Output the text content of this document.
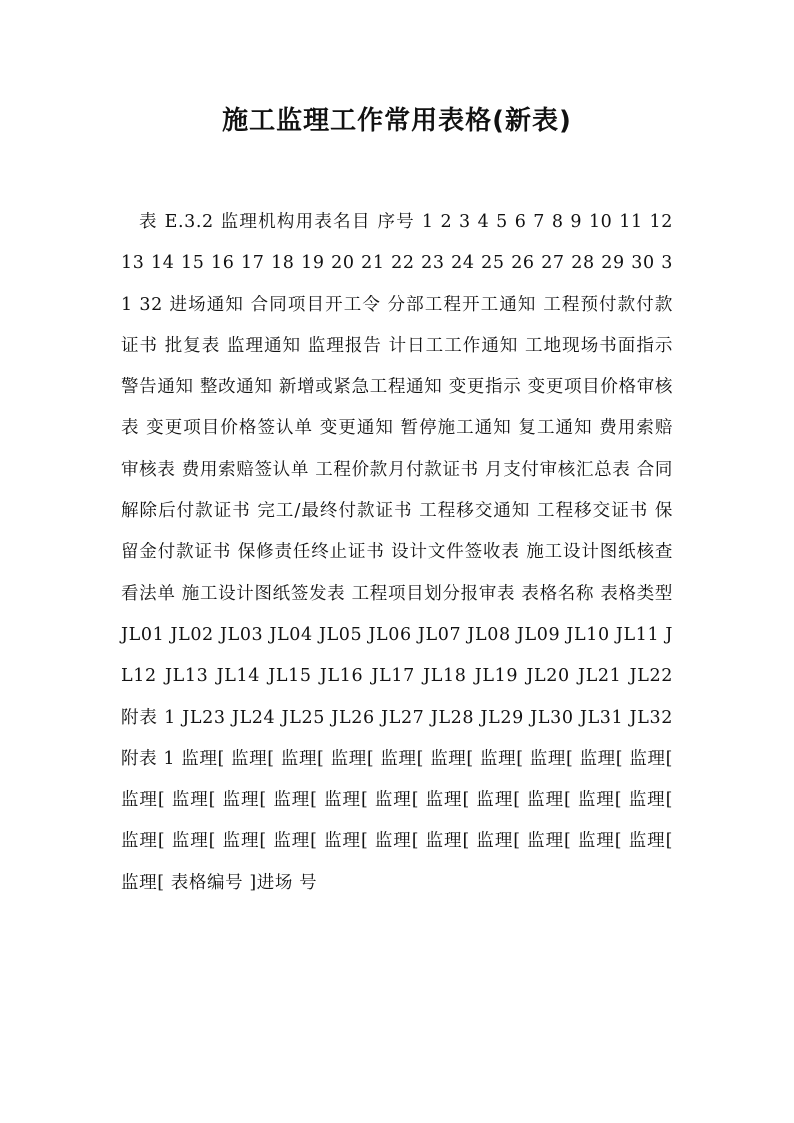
施工监理工作常用表格(新表)

表 E.3.2 监理机构用表名目 序号 1 2 3 4 5 6 7 8 9 10 11 12 13 14 15 16 17 18 19 20 21 22 23 24 25 26 27 28 29 30 31 32 进场通知 合同项目开工令 分部工程开工通知 工程预付款付款证书 批复表 监理通知 监理报告 计日工工作通知 工地现场书面指示 警告通知 整改通知 新增或紧急工程通知 变更指示 变更项目价格审核表 变更项目价格签认单 变更通知 暂停施工通知 复工通知 费用索赔审核表 费用索赔签认单 工程价款月付款证书 月支付审核汇总表 合同解除后付款证书 完工/最终付款证书 工程移交通知 工程移交证书 保留金付款证书 保修责任终止证书 设计文件签收表 施工设计图纸核查看法单 施工设计图纸签发表 工程项目划分报审表 表格名称 表格类型 JL01 JL02 JL03 JL04 JL05 JL06 JL07 JL08 JL09 JL10 JL11 JL12 JL13 JL14 JL15 JL16 JL17 JL18 JL19 JL20 JL21 JL22 附表 1 JL23 JL24 JL25 JL26 JL27 JL28 JL29 JL30 JL31 JL32 附表 1 监理[ 监理[ 监理[ 监理[ 监理[ 监理[ 监理[ 监理[ 监理[ 监理[ 监理[ 监理[ 监理[ 监理[ 监理[ 监理[ 监理[ 监理[ 监理[ 监理[ 监理[ 监理[ 监理[ 监理[ 监理[ 监理[ 监理[ 监理[ 监理[ 监理[ 监理[ 监理[ 监理[ 表格编号 ]进场 号
